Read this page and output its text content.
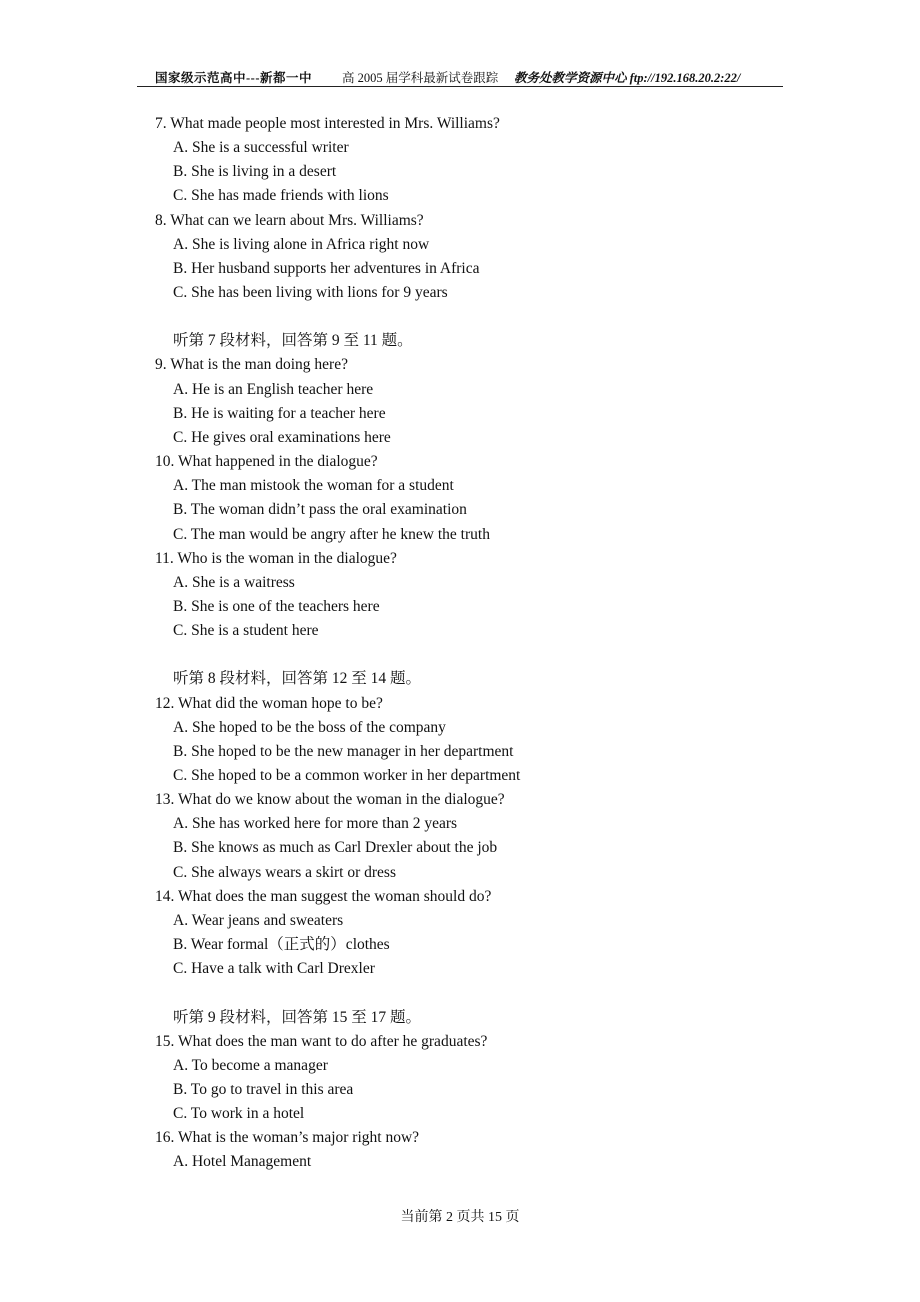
国家级示范高中---新都一中 高 2005 届学科最新试卷跟踪 教务处教学资源中心 ftp://192.168.20.2:22/
7. What made people most interested in Mrs. Williams?
A. She is a successful writer
B. She is living in a desert
C. She has made friends with lions
8. What can we learn about Mrs. Williams?
A. She is living alone in Africa right now
B. Her husband supports her adventures in Africa
C. She has been living with lions for 9 years
听第 7 段材料，回答第 9 至 11 题。
9. What is the man doing here?
A. He is an English teacher here
B. He is waiting for a teacher here
C. He gives oral examinations here
10. What happened in the dialogue?
A. The man mistook the woman for a student
B. The woman didn’t pass the oral examination
C. The man would be angry after he knew the truth
11. Who is the woman in the dialogue?
A. She is a waitress
B. She is one of the teachers here
C. She is a student here
听第 8 段材料，回答第 12 至 14 题。
12. What did the woman hope to be?
A. She hoped to be the boss of the company
B. She hoped to be the new manager in her department
C. She hoped to be a common worker in her department
13. What do we know about the woman in the dialogue?
A. She has worked here for more than 2 years
B. She knows as much as Carl Drexler about the job
C. She always wears a skirt or dress
14. What does the man suggest the woman should do?
A. Wear jeans and sweaters
B. Wear formal（正式的）clothes
C. Have a talk with Carl Drexler
听第 9 段材料，回答第 15 至 17 题。
15. What does the man want to do after he graduates?
A. To become a manager
B. To go to travel in this area
C. To work in a hotel
16. What is the woman’s major right now?
A. Hotel Management
当前第 2 页共 15 页
